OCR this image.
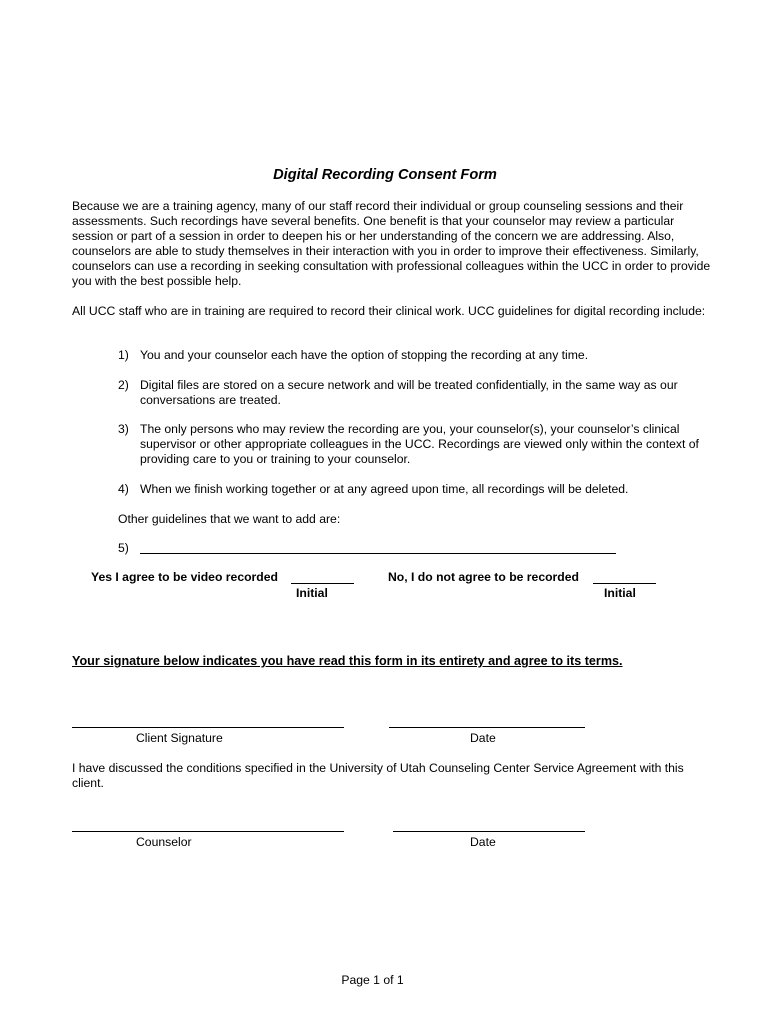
Digital Recording Consent Form
Because we are a training agency, many of our staff record their individual or group counseling sessions and their assessments. Such recordings have several benefits. One benefit is that your counselor may review a particular session or part of a session in order to deepen his or her understanding of the concern we are addressing. Also, counselors are able to study themselves in their interaction with you in order to improve their effectiveness. Similarly, counselors can use a recording in seeking consultation with professional colleagues within the UCC in order to provide you with the best possible help.
All UCC staff who are in training are required to record their clinical work. UCC guidelines for digital recording include:
1) You and your counselor each have the option of stopping the recording at any time.
2) Digital files are stored on a secure network and will be treated confidentially, in the same way as our conversations are treated.
3) The only persons who may review the recording are you, your counselor(s), your counselor’s clinical supervisor or other appropriate colleagues in the UCC. Recordings are viewed only within the context of providing care to you or training to your counselor.
4) When we finish working together or at any agreed upon time, all recordings will be deleted.
Other guidelines that we want to add are:
5)
Yes I agree to be video recorded
Initial
No, I do not agree to be recorded
Initial
Your signature below indicates you have read this form in its entirety and agree to its terms.
Client Signature	Date
I have discussed the conditions specified in the University of Utah Counseling Center Service Agreement with this client.
Counselor	Date
Page 1 of 1
